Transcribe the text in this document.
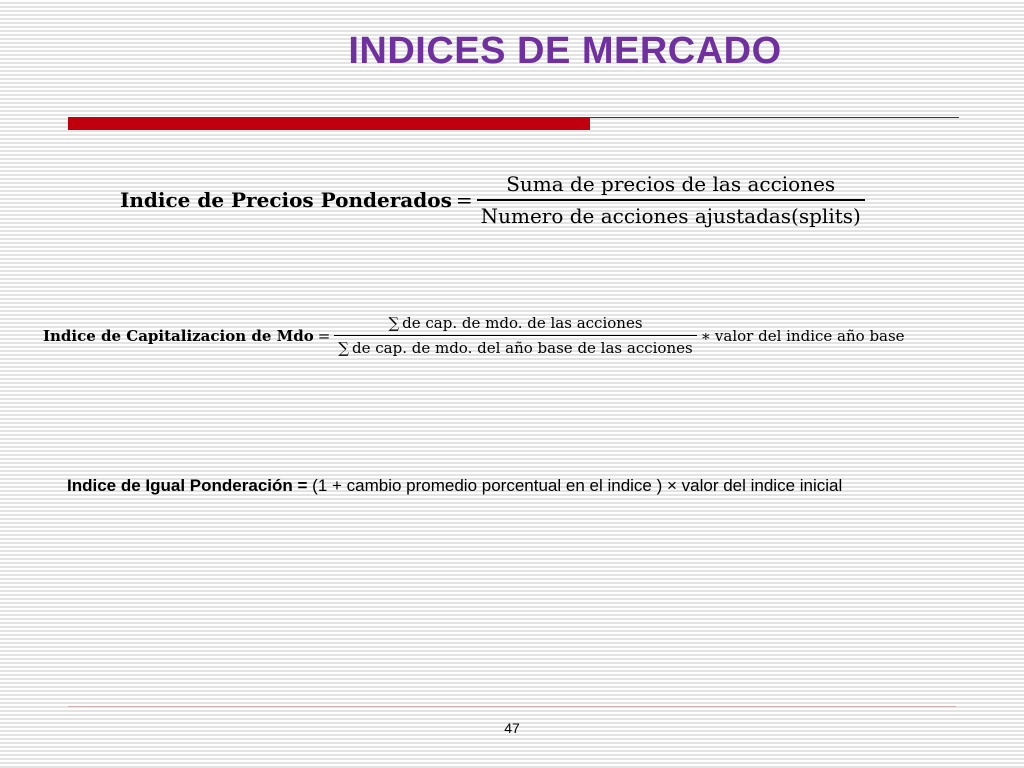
INDICES DE MERCADO
Indice de Precios Ponderados = $\frac{\text{Suma de precios de las acciones}}{\text{Numero de acciones ajustadas(splits)}}$
Indice de Capitalizacion de Mdo = $\frac{\text{∑ de cap. de mdo. de las acciones}}{\text{∑ de cap. de mdo. del año base de las acciones}}$ ∗ valor del indice año base
Indice de Igual Ponderación = (1 + cambio promedio porcentual en el indice ) × valor del indice inicial
47
